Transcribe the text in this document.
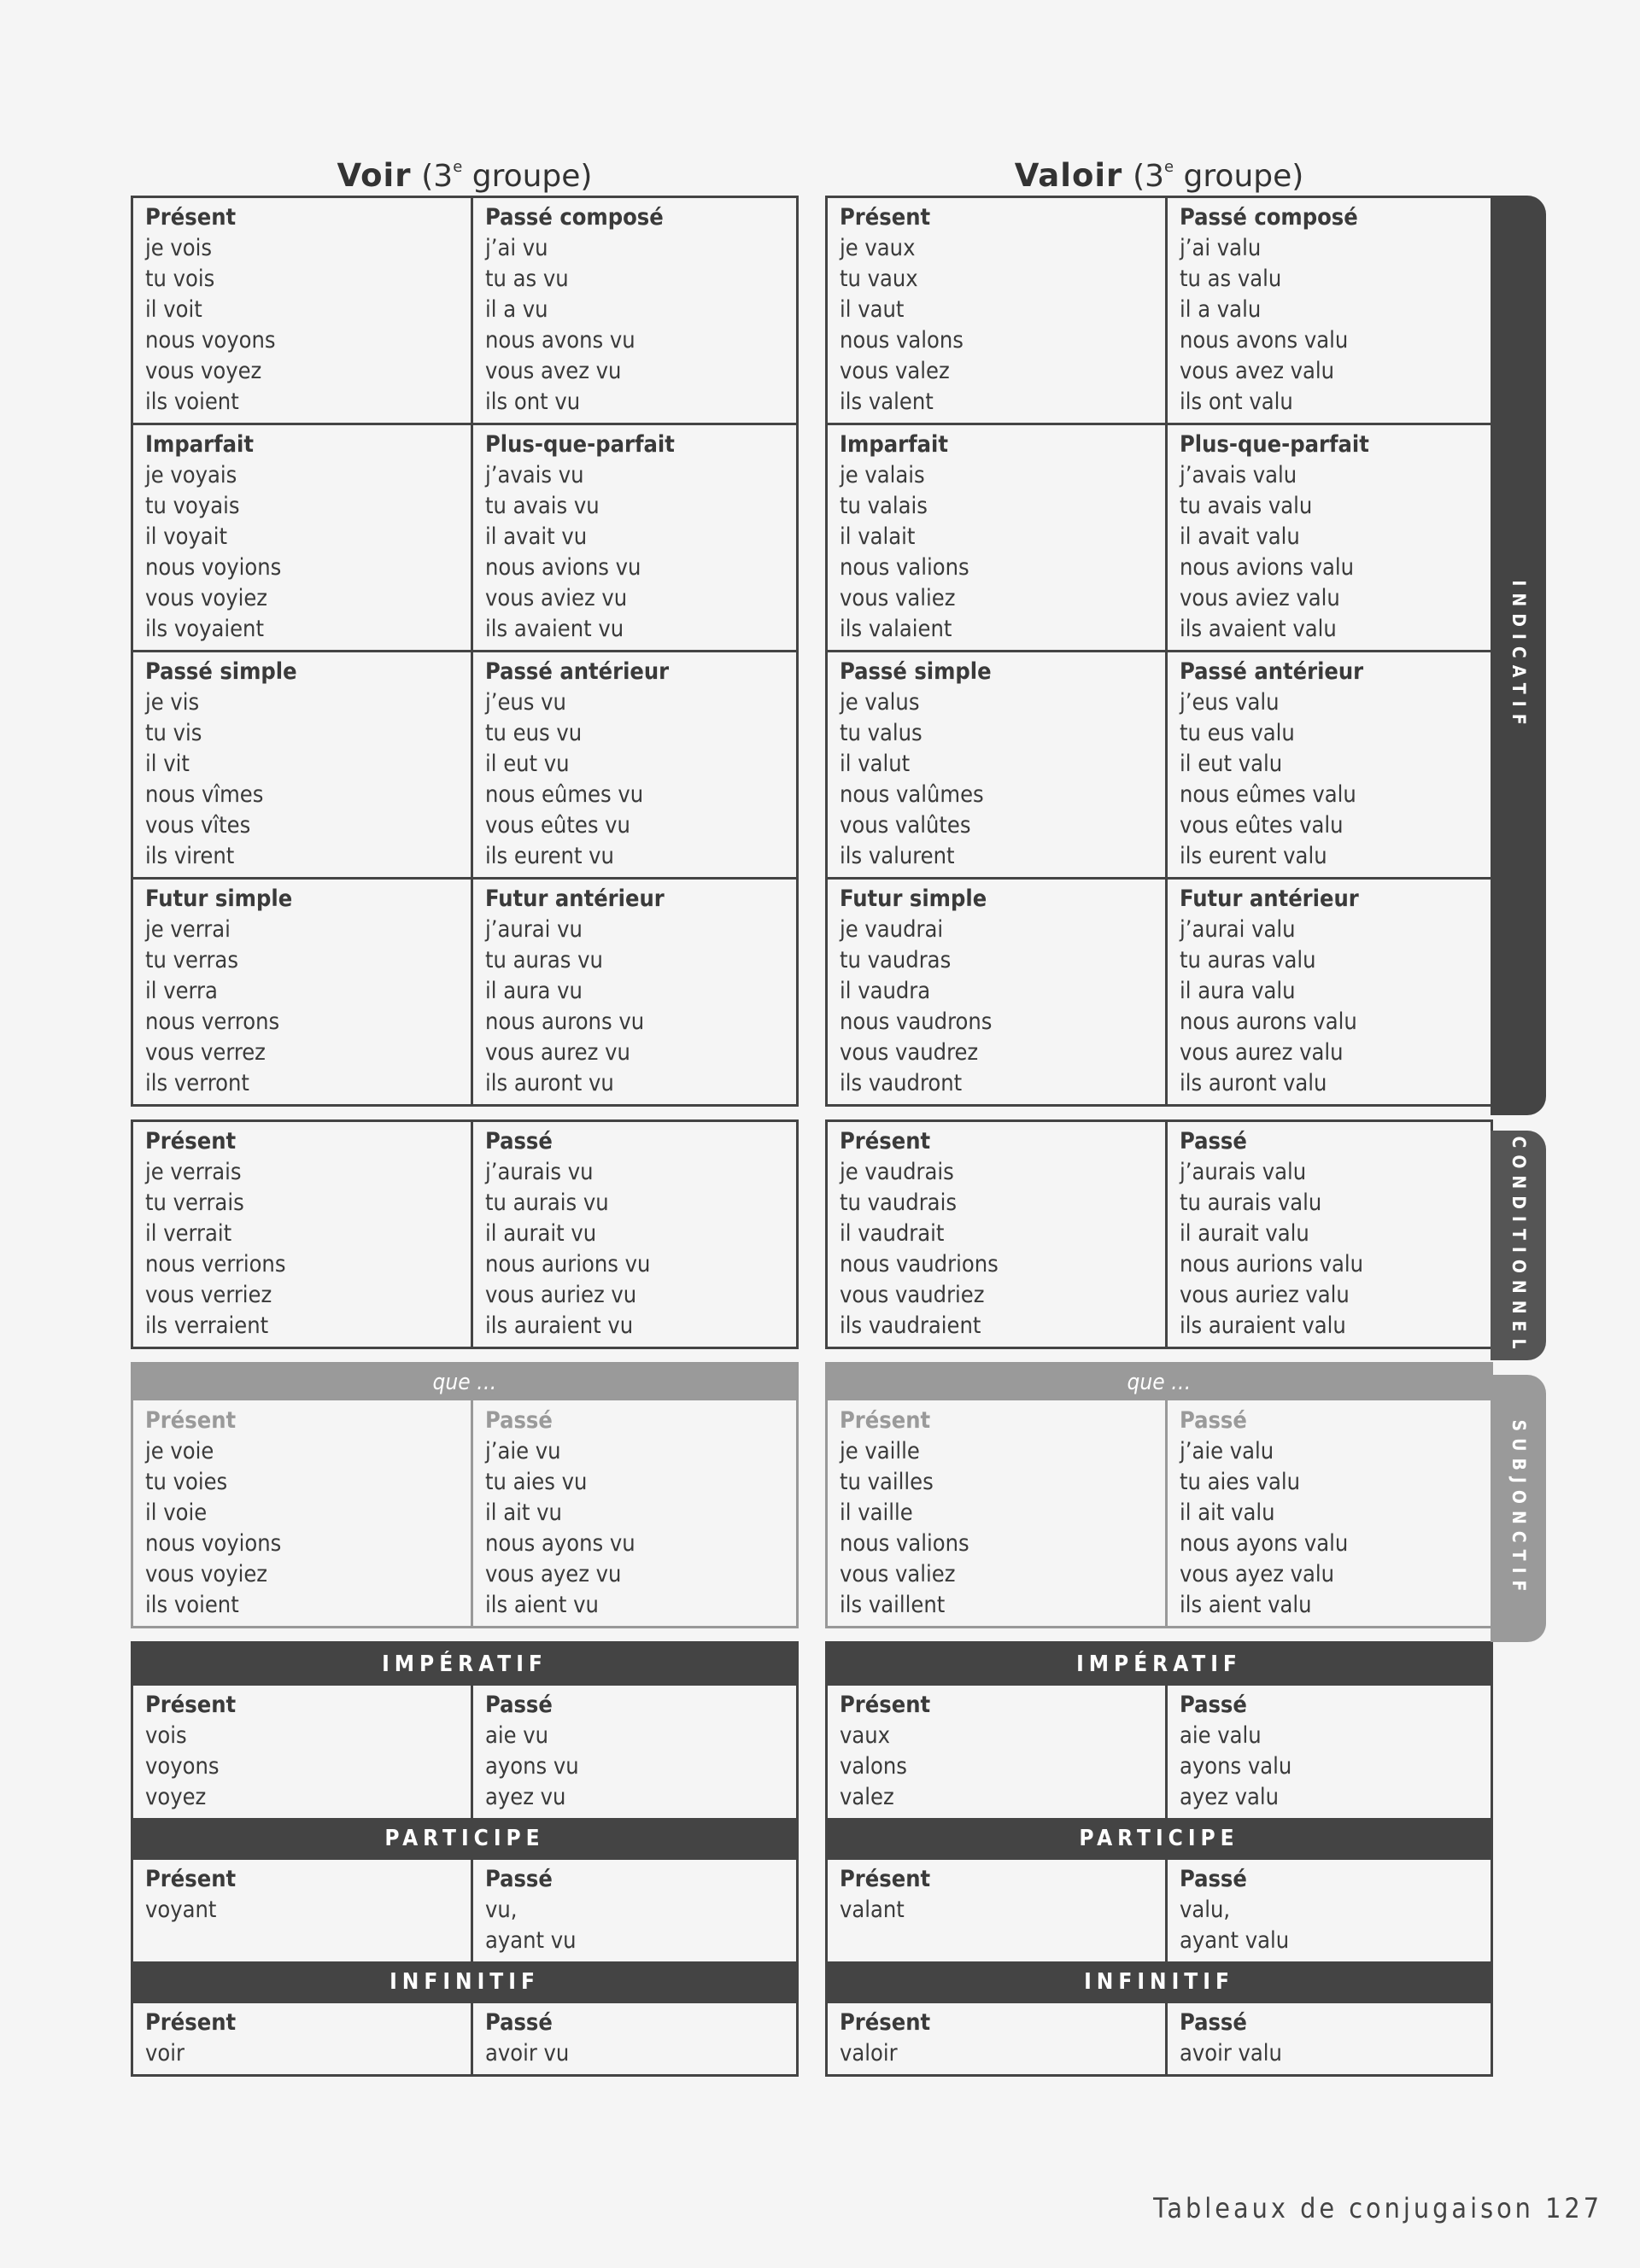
Voir (3e groupe)
Présent
je vois
tu vois
il voit
nous voyons
vous voyez
ils voient
Passé composé
j’ai vu
tu as vu
il a vu
nous avons vu
vous avez vu
ils ont vu
Imparfait
je voyais
tu voyais
il voyait
nous voyions
vous voyiez
ils voyaient
Plus-que-parfait
j’avais vu
tu avais vu
il avait vu
nous avions vu
vous aviez vu
ils avaient vu
Passé simple
je vis
tu vis
il vit
nous vîmes
vous vîtes
ils virent
Passé antérieur
j’eus vu
tu eus vu
il eut vu
nous eûmes vu
vous eûtes vu
ils eurent vu
Futur simple
je verrai
tu verras
il verra
nous verrons
vous verrez
ils verront
Futur antérieur
j’aurai vu
tu auras vu
il aura vu
nous aurons vu
vous aurez vu
ils auront vu
Présent
je verrais
tu verrais
il verrait
nous verrions
vous verriez
ils verraient
Passé
j’aurais vu
tu aurais vu
il aurait vu
nous aurions vu
vous auriez vu
ils auraient vu
que …
Présent
je voie
tu voies
il voie
nous voyions
vous voyiez
ils voient
Passé
j’aie vu
tu aies vu
il ait vu
nous ayons vu
vous ayez vu
ils aient vu
IMPÉRATIF
Présent
vois
voyons
voyez
Passé
aie vu
ayons vu
ayez vu
PARTICIPE
Présent
voyant
Passé
vu,
ayant vu
INFINITIF
Présent
voir
Passé
avoir vu
Valoir (3e groupe)
Présent
je vaux
tu vaux
il vaut
nous valons
vous valez
ils valent
Passé composé
j’ai valu
tu as valu
il a valu
nous avons valu
vous avez valu
ils ont valu
Imparfait
je valais
tu valais
il valait
nous valions
vous valiez
ils valaient
Plus-que-parfait
j’avais valu
tu avais valu
il avait valu
nous avions valu
vous aviez valu
ils avaient valu
Passé simple
je valus
tu valus
il valut
nous valûmes
vous valûtes
ils valurent
Passé antérieur
j’eus valu
tu eus valu
il eut valu
nous eûmes valu
vous eûtes valu
ils eurent valu
Futur simple
je vaudrai
tu vaudras
il vaudra
nous vaudrons
vous vaudrez
ils vaudront
Futur antérieur
j’aurai valu
tu auras valu
il aura valu
nous aurons valu
vous aurez valu
ils auront valu
Présent
je vaudrais
tu vaudrais
il vaudrait
nous vaudrions
vous vaudriez
ils vaudraient
Passé
j’aurais valu
tu aurais valu
il aurait valu
nous aurions valu
vous auriez valu
ils auraient valu
que …
Présent
je vaille
tu vailles
il vaille
nous valions
vous valiez
ils vaillent
Passé
j’aie valu
tu aies valu
il ait valu
nous ayons valu
vous ayez valu
ils aient valu
IMPÉRATIF
Présent
vaux
valons
valez
Passé
aie valu
ayons valu
ayez valu
PARTICIPE
Présent
valant
Passé
valu,
ayant valu
INFINITIF
Présent
valoir
Passé
avoir valu
INDICATIF
CONDITIONNEL
SUBJONCTIF
Tableaux de conjugaison 127
